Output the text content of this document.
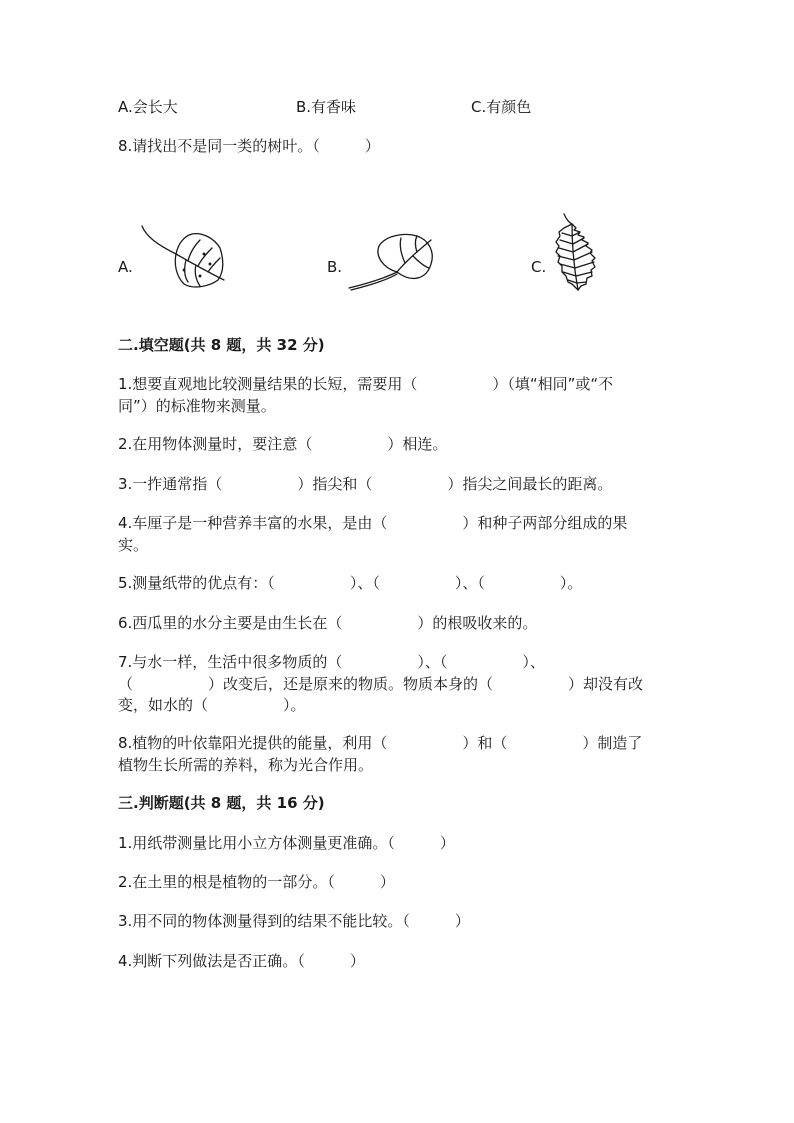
A.会长大	B.有香味	C.有颜色
8.请找出不是同一类的树叶。（　　　）
A.	B.	C.
二.填空题(共 8 题，共 32 分)
1.想要直观地比较测量结果的长短，需要用（　　　　　）（填“相同”或“不
同”）的标准物来测量。
2.在用物体测量时，要注意（　　　　　）相连。
3.一拃通常指（　　　　　）指尖和（　　　　　）指尖之间最长的距离。
4.车厘子是一种营养丰富的水果，是由（　　　　　）和种子两部分组成的果
实。
5.测量纸带的优点有：（　　　　　）、（　　　　　）、（　　　　　）。
6.西瓜里的水分主要是由生长在（　　　　　）的根吸收来的。
7.与水一样，生活中很多物质的（　　　　　）、（　　　　　）、
（　　　　　）改变后，还是原来的物质。物质本身的（　　　　　）却没有改
变，如水的（　　　　　）。
8.植物的叶依靠阳光提供的能量，利用（　　　　　）和（　　　　　）制造了
植物生长所需的养料，称为光合作用。
三.判断题(共 8 题，共 16 分)
1.用纸带测量比用小立方体测量更准确。（　　　）
2.在土里的根是植物的一部分。（　　　）
3.用不同的物体测量得到的结果不能比较。（　　　）
4.判断下列做法是否正确。（　　　）
